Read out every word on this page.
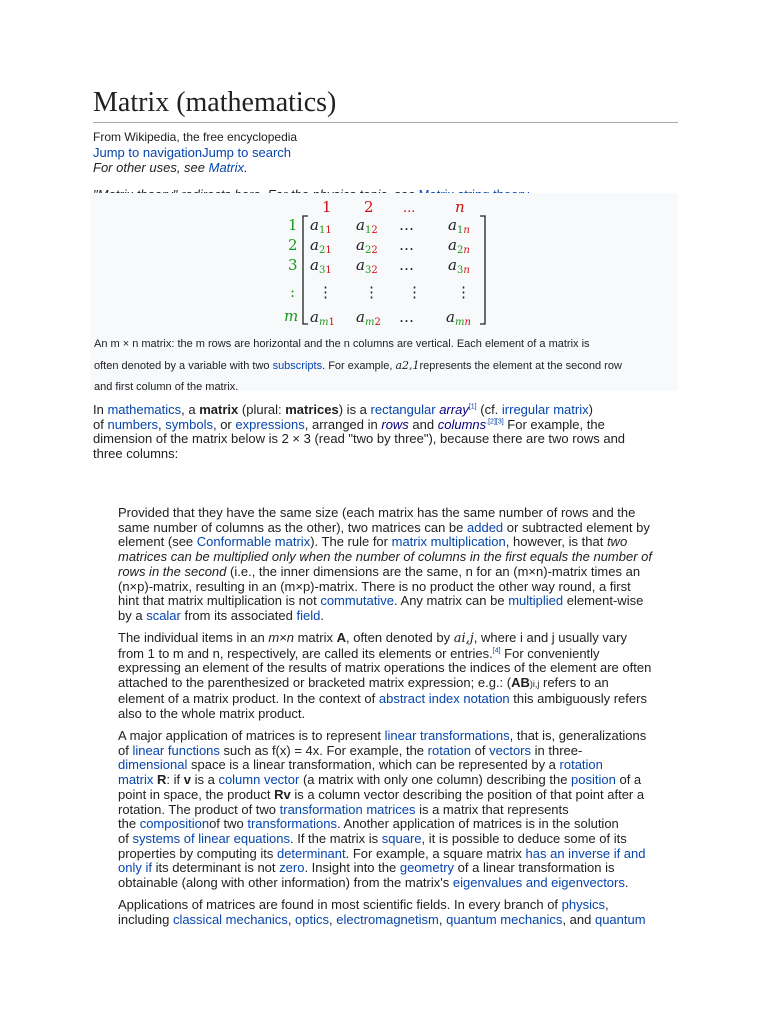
Matrix (mathematics)
From Wikipedia, the free encyclopedia
Jump to navigationJump to search
For other uses, see Matrix.
1 2 ...	n
1
2
3
:
m
$a_11$ $a_12$ … $a_1n$
$a_21$ $a_22$ … $a_2n$
$a_31$ $a_32$ … $a_3n$
⋮ ⋮ ⋮ ⋮
$a_m1$ $a_m2$ … $a_mn$
An m × n matrix: the m rows are horizontal and the n columns are vertical. Each element of a matrix is
often denoted by a variable with two subscripts. For example, a2,1represents the element at the second row
and first column of the matrix.
In mathematics, a matrix (plural: matrices) is a rectangular array[1] (cf. irregular matrix)
of numbers, symbols, or expressions, arranged in rows and columns$^{.[2][3]}$ For example, the
dimension of the matrix below is 2 × 3 (read "two by three"), because there are two rows and
three columns:
Provided that they have the same size (each matrix has the same number of rows and the
same number of columns as the other), two matrices can be added or subtracted element by
element (see Conformable matrix). The rule for matrix multiplication, however, is that two
matrices can be multiplied only when the number of columns in the first equals the number of
rows in the second (i.e., the inner dimensions are the same, n for an (m×n)-matrix times an
(n×p)-matrix, resulting in an (m×p)-matrix. There is no product the other way round, a first
hint that matrix multiplication is not commutative. Any matrix can be multiplied element-wise
by a scalar from its associated field.
The individual items in an m×n matrix A, often denoted by ai,j, where i and j usually vary
from 1 to m and n, respectively, are called its elements or entries.[4] For conveniently
expressing an element of the results of matrix operations the indices of the element are often
attached to the parenthesized or bracketed matrix expression; e.g.: (AB)i,j refers to an
element of a matrix product. In the context of abstract index notation this ambiguously refers
also to the whole matrix product.
A major application of matrices is to represent linear transformations, that is, generalizations
of linear functions such as f(x) = 4x. For example, the rotation of vectors in three-
dimensional space is a linear transformation, which can be represented by a rotation
matrix R: if v is a column vector (a matrix with only one column) describing the position of a
point in space, the product Rv is a column vector describing the position of that point after a
rotation. The product of two transformation matrices is a matrix that represents
the compositionof two transformations. Another application of matrices is in the solution
of systems of linear equations. If the matrix is square, it is possible to deduce some of its
properties by computing its determinant. For example, a square matrix has an inverse if and
only if its determinant is not zero. Insight into the geometry of a linear transformation is
obtainable (along with other information) from the matrix's eigenvalues and eigenvectors.
Applications of matrices are found in most scientific fields. In every branch of physics,
including classical mechanics, optics, electromagnetism, quantum mechanics, and quantum
